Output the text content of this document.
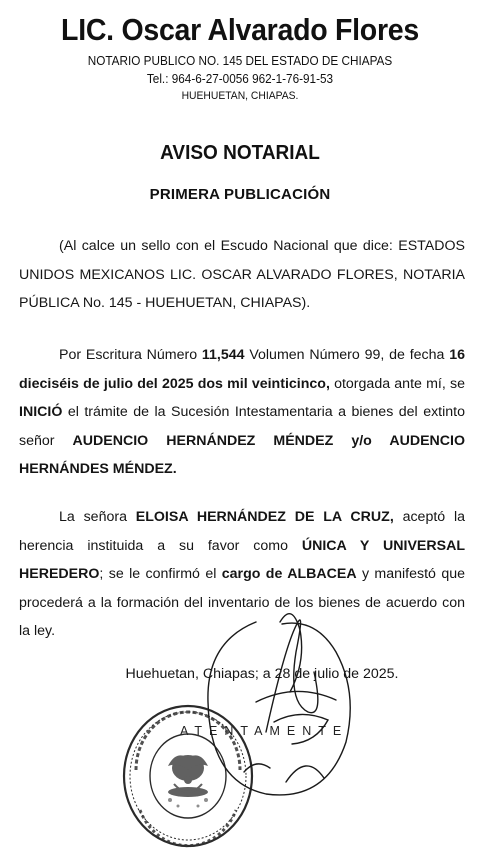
LIC. Oscar Alvarado Flores
NOTARIO PUBLICO NO. 145 DEL ESTADO DE CHIAPAS
Tel.: 964-6-27-0056 962-1-76-91-53
HUEHUETAN, CHIAPAS.
AVISO NOTARIAL
PRIMERA PUBLICACIÓN
(Al calce un sello con el Escudo Nacional que dice: ESTADOS UNIDOS MEXICANOS LIC. OSCAR ALVARADO FLORES, NOTARIA PÚBLICA No. 145 - HUEHUETAN, CHIAPAS).
Por Escritura Número 11,544 Volumen Número 99, de fecha 16 dieciséis de julio del 2025 dos mil veinticinco, otorgada ante mí, se INICIÓ el trámite de la Sucesión Intestamentaria a bienes del extinto señor AUDENCIO HERNÁNDEZ MÉNDEZ y/o AUDENCIO HERNÁNDES MÉNDEZ.
La señora ELOISA HERNÁNDEZ DE LA CRUZ, aceptó la herencia instituida a su favor como ÚNICA Y UNIVERSAL HEREDERO; se le confirmó el cargo de ALBACEA y manifestó que procederá a la formación del inventario de los bienes de acuerdo con la ley.
Huehuetan, Chiapas; a 28 de julio de 2025.
ATENTAMENTE
